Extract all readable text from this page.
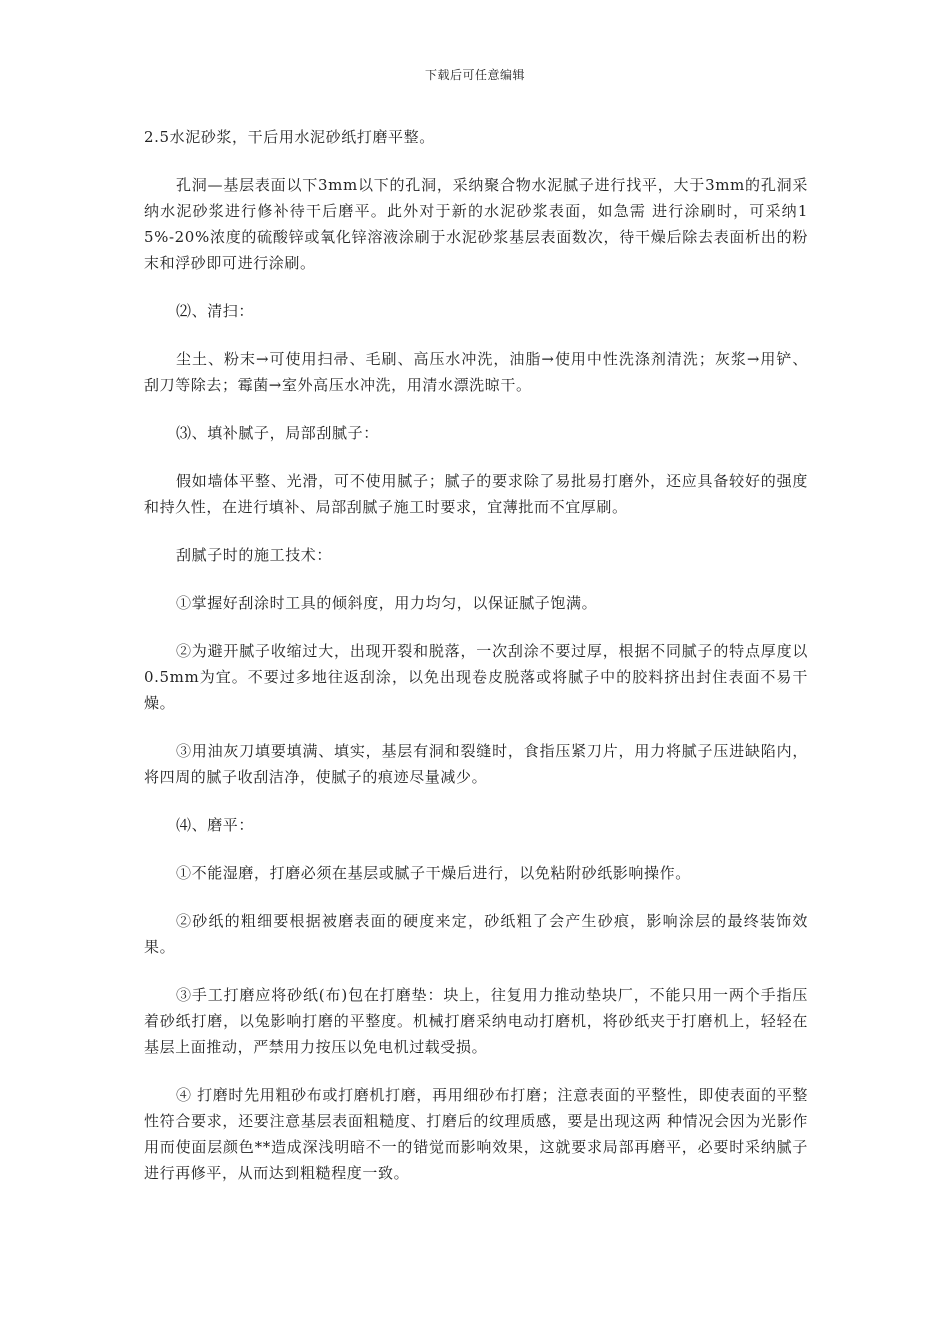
下载后可任意编辑

2.5水泥砂浆，干后用水泥砂纸打磨平整。

孔洞—基层表面以下3mm以下的孔洞，采纳聚合物水泥腻子进行找平，大于3mm的孔洞采纳水泥砂浆进行修补待干后磨平。此外对于新的水泥砂浆表面，如急需 进行涂刷时，可采纳15%-20%浓度的硫酸锌或氧化锌溶液涂刷于水泥砂浆基层表面数次，待干燥后除去表面析出的粉末和浮砂即可进行涂刷。

⑵、清扫：

尘土、粉末→可使用扫帚、毛刷、高压水冲洗，油脂→使用中性洗涤剂清洗；灰浆→用铲、刮刀等除去；霉菌→室外高压水冲洗，用清水漂洗晾干。

⑶、填补腻子，局部刮腻子：

假如墙体平整、光滑，可不使用腻子；腻子的要求除了易批易打磨外，还应具备较好的强度和持久性，在进行填补、局部刮腻子施工时要求，宜薄批而不宜厚刷。

刮腻子时的施工技术：

①掌握好刮涂时工具的倾斜度，用力均匀，以保证腻子饱满。

②为避开腻子收缩过大，出现开裂和脱落，一次刮涂不要过厚，根据不同腻子的特点厚度以0.5mm为宜。不要过多地往返刮涂，以免出现卷皮脱落或将腻子中的胶料挤出封住表面不易干燥。

③用油灰刀填要填满、填实，基层有洞和裂缝时，食指压紧刀片，用力将腻子压进缺陷内，将四周的腻子收刮洁净，使腻子的痕迹尽量减少。

⑷、磨平：

①不能湿磨，打磨必须在基层或腻子干燥后进行，以免粘附砂纸影响操作。

②砂纸的粗细要根据被磨表面的硬度来定，砂纸粗了会产生砂痕，影响涂层的最终装饰效果。

③手工打磨应将砂纸(布)包在打磨垫：块上，往复用力推动垫块厂，不能只用一两个手指压着砂纸打磨，以兔影响打磨的平整度。机械打磨采纳电动打磨机，将砂纸夹于打磨机上，轻轻在基层上面推动，严禁用力按压以免电机过载受损。

④ 打磨时先用粗砂布或打磨机打磨，再用细砂布打磨；注意表面的平整性，即使表面的平整性符合要求，还要注意基层表面粗糙度、打磨后的纹理质感，要是出现这两 种情况会因为光影作用而使面层颜色**造成深浅明暗不一的错觉而影响效果，这就要求局部再磨平，必要时采纳腻子进行再修平，从而达到粗糙程度一致。
